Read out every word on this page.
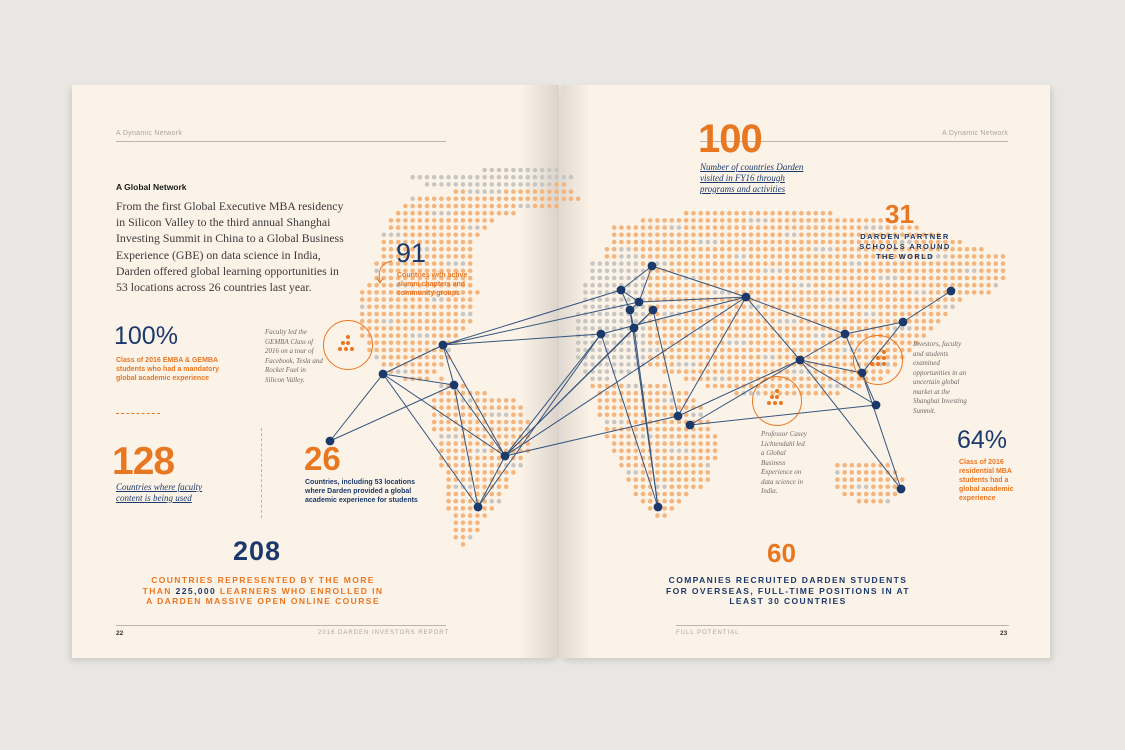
A Dynamic Network
A Global Network
From the first Global Executive MBA residency in Silicon Valley to the third annual Shanghai Investing Summit in China to a Global Business Experience (GBE) on data science in India, Darden offered global learning opportunities in 53 locations across 26 countries last year.
91
Countries with active alumni chapters and community groups
100%
Class of 2016 EMBA & GEMBA students who had a mandatory global academic experience
Faculty led the GEMBA Class of 2016 on a tour of Facebook, Tesla and Rocket Fuel in Silicon Valley.
128
Countries where faculty content is being used
26
Countries, including 53 locations where Darden provided a global academic experience for students
208
COUNTRIES REPRESENTED BY THE MORE
THAN 225,000 LEARNERS WHO ENROLLED IN
A DARDEN MASSIVE OPEN ONLINE COURSE
22	2016 DARDEN INVESTORS REPORT
A Dynamic Network
100
Number of countries Darden visited in FY16 through programs and activities
31
DARDEN PARTNER SCHOOLS AROUND THE WORLD
Investors, faculty and students examined opportunities in an uncertain global market at the Shanghai Investing Summit.
Professor Casey Lichtendahl led a Global Business Experience on data science in India.
64%
Class of 2016 residential MBA students had a global academic experience
60
COMPANIES RECRUITED DARDEN STUDENTS FOR OVERSEAS, FULL-TIME POSITIONS IN AT LEAST 30 COUNTRIES
FULL POTENTIAL	23
